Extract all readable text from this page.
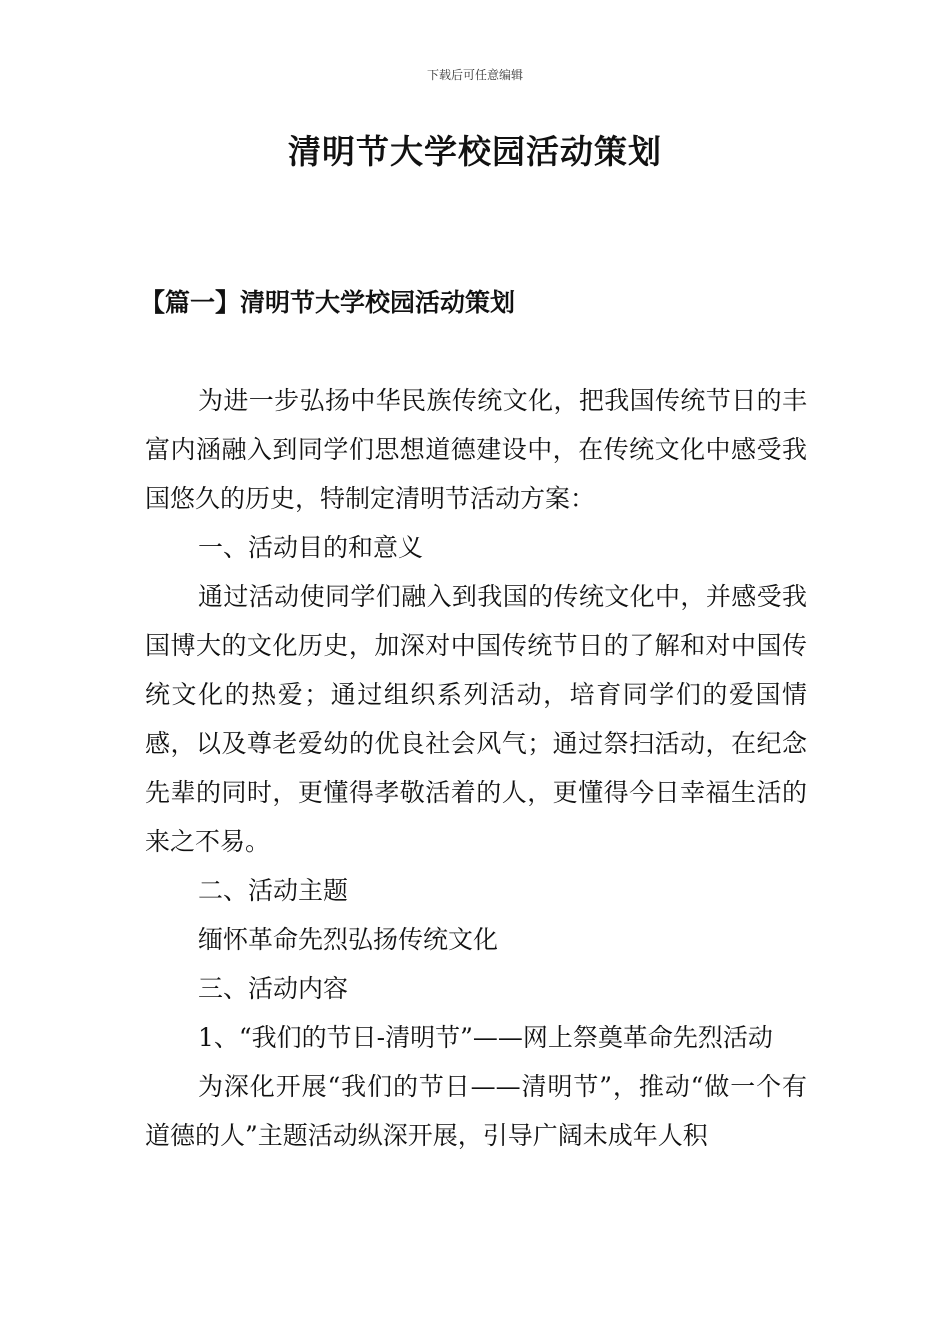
下载后可任意编辑
清明节大学校园活动策划
【篇一】清明节大学校园活动策划

为进一步弘扬中华民族传统文化，把我国传统节日的丰富内涵融入到同学们思想道德建设中，在传统文化中感受我国悠久的历史，特制定清明节活动方案：

一、活动目的和意义

通过活动使同学们融入到我国的传统文化中，并感受我国博大的文化历史，加深对中国传统节日的了解和对中国传统文化的热爱；通过组织系列活动，培育同学们的爱国情感，以及尊老爱幼的优良社会风气；通过祭扫活动，在纪念先辈的同时，更懂得孝敬活着的人，更懂得今日幸福生活的来之不易。

二、活动主题

缅怀革命先烈弘扬传统文化

三、活动内容

1、“我们的节日-清明节”——网上祭奠革命先烈活动

为深化开展“我们的节日——清明节”，推动“做一个有道德的人”主题活动纵深开展，引导广阔未成年人积
